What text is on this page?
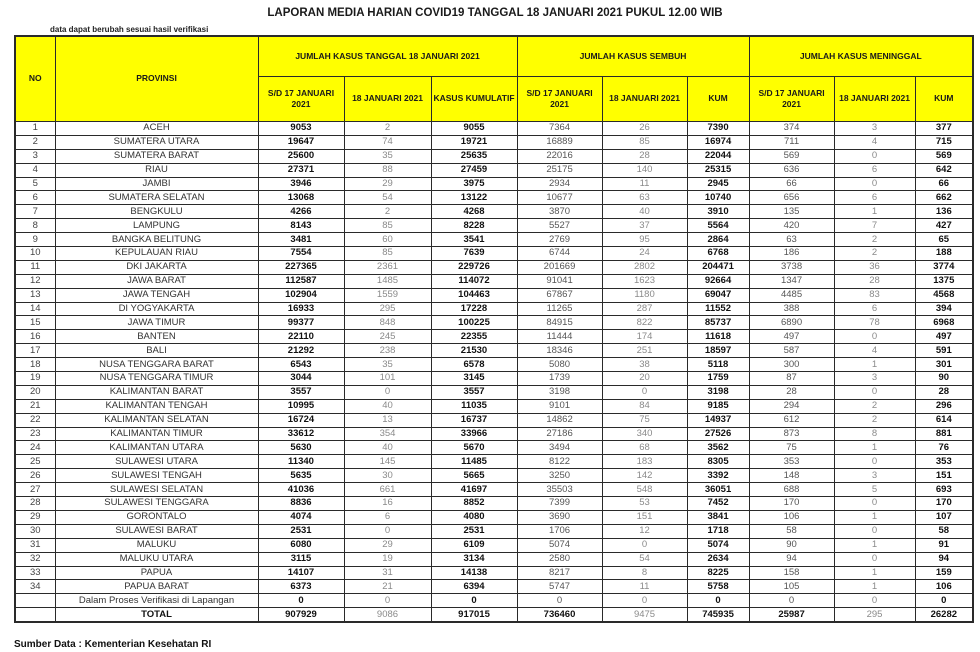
LAPORAN MEDIA HARIAN COVID19 TANGGAL 18 JANUARI 2021 PUKUL 12.00 WIB
data dapat berubah sesuai hasil verifikasi
NO	PROVINSI	JUMLAH KASUS TANGGAL 18 JANUARI 2021			JUMLAH KASUS SEMBUH			JUMLAH KASUS MENINGGAL		
		S/D 17 JANUARI 2021	18 JANUARI 2021	KASUS KUMULATIF	S/D 17 JANUARI 2021	18 JANUARI 2021	KUM	S/D 17 JANUARI 2021	18 JANUARI 2021	KUM
1	ACEH	9053	2	9055	7364	26	7390	374	3	377
2	SUMATERA UTARA	19647	74	19721	16889	85	16974	711	4	715
3	SUMATERA BARAT	25600	35	25635	22016	28	22044	569	0	569
4	RIAU	27371	88	27459	25175	140	25315	636	6	642
5	JAMBI	3946	29	3975	2934	11	2945	66	0	66
6	SUMATERA SELATAN	13068	54	13122	10677	63	10740	656	6	662
7	BENGKULU	4266	2	4268	3870	40	3910	135	1	136
8	LAMPUNG	8143	85	8228	5527	37	5564	420	7	427
9	BANGKA BELITUNG	3481	60	3541	2769	95	2864	63	2	65
10	KEPULAUAN RIAU	7554	85	7639	6744	24	6768	186	2	188
11	DKI JAKARTA	227365	2361	229726	201669	2802	204471	3738	36	3774
12	JAWA BARAT	112587	1485	114072	91041	1623	92664	1347	28	1375
13	JAWA TENGAH	102904	1559	104463	67867	1180	69047	4485	83	4568
14	DI YOGYAKARTA	16933	295	17228	11265	287	11552	388	6	394
15	JAWA TIMUR	99377	848	100225	84915	822	85737	6890	78	6968
16	BANTEN	22110	245	22355	11444	174	11618	497	0	497
17	BALI	21292	238	21530	18346	251	18597	587	4	591
18	NUSA TENGGARA BARAT	6543	35	6578	5080	38	5118	300	1	301
19	NUSA TENGGARA TIMUR	3044	101	3145	1739	20	1759	87	3	90
20	KALIMANTAN BARAT	3557	0	3557	3198	0	3198	28	0	28
21	KALIMANTAN TENGAH	10995	40	11035	9101	84	9185	294	2	296
22	KALIMANTAN SELATAN	16724	13	16737	14862	75	14937	612	2	614
23	KALIMANTAN TIMUR	33612	354	33966	27186	340	27526	873	8	881
24	KALIMANTAN UTARA	5630	40	5670	3494	68	3562	75	1	76
25	SULAWESI UTARA	11340	145	11485	8122	183	8305	353	0	353
26	SULAWESI TENGAH	5635	30	5665	3250	142	3392	148	3	151
27	SULAWESI SELATAN	41036	661	41697	35503	548	36051	688	5	693
28	SULAWESI TENGGARA	8836	16	8852	7399	53	7452	170	0	170
29	GORONTALO	4074	6	4080	3690	151	3841	106	1	107
30	SULAWESI BARAT	2531	0	2531	1706	12	1718	58	0	58
31	MALUKU	6080	29	6109	5074	0	5074	90	1	91
32	MALUKU UTARA	3115	19	3134	2580	54	2634	94	0	94
33	PAPUA	14107	31	14138	8217	8	8225	158	1	159
34	PAPUA BARAT	6373	21	6394	5747	11	5758	105	1	106
	Dalam Proses Verifikasi di Lapangan	0	0	0	0	0	0	0	0	0
	TOTAL	907929	9086	917015	736460	9475	745935	25987	295	26282
Sumber Data : Kementerian Kesehatan RI
